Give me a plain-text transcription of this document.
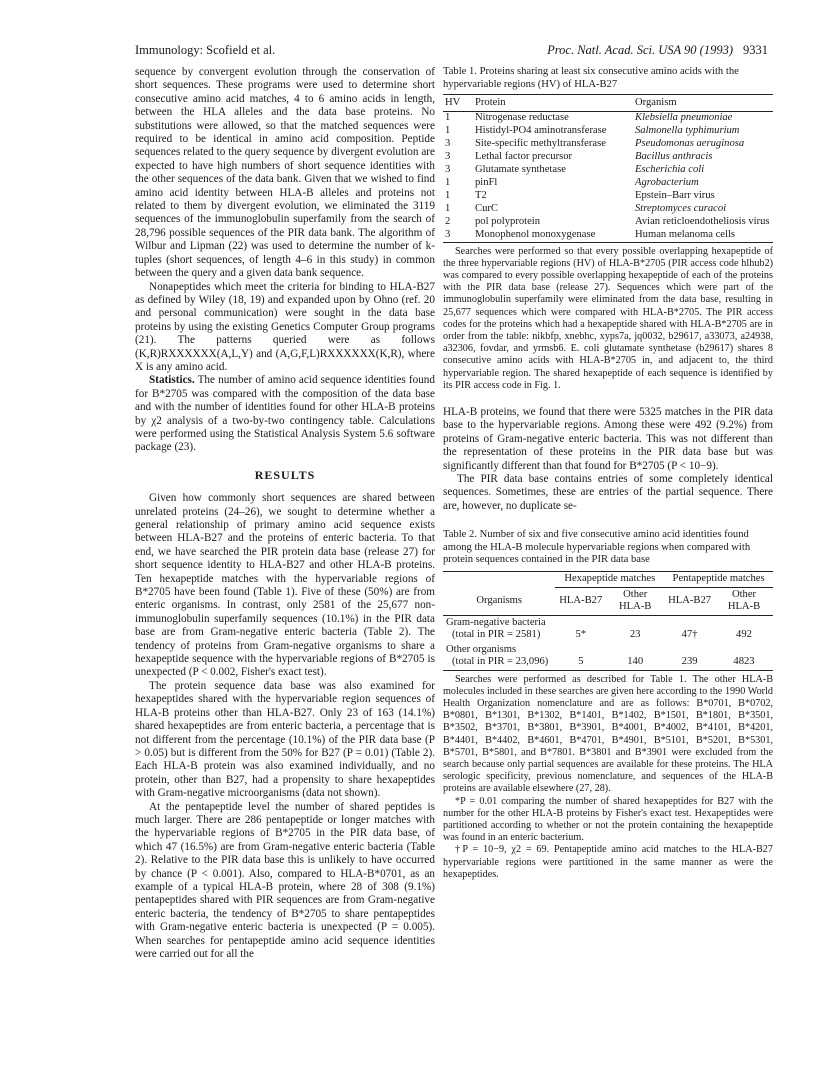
Immunology: Scofield et al.	Proc. Natl. Acad. Sci. USA 90 (1993) 9331

sequence by convergent evolution through the conservation of short sequences. These programs were used to determine short consecutive amino acid matches, 4 to 6 amino acids in length, between the HLA alleles and the data base proteins. No substitutions were allowed, so that the matched sequences were required to be identical in amino acid composition. Peptide sequences related to the query sequence by divergent evolution are expected to have high numbers of short sequence identities with the other sequences of the data bank. Given that we wished to find amino acid identity between HLA-B alleles and proteins not related to them by divergent evolution, we eliminated the 3119 sequences of the immunoglobulin superfamily from the search of 28,796 possible sequences of the PIR data bank. The algorithm of Wilbur and Lipman (22) was used to determine the number of k-tuples (short sequences, of length 4–6 in this study) in common between the query and a given data bank sequence.

Nonapeptides which meet the criteria for binding to HLA-B27 as defined by Wiley (18, 19) and expanded upon by Ohno (ref. 20 and personal communication) were sought in the data base proteins by using the existing Genetics Computer Group programs (21). The patterns queried were as follows (K,R)RXXXXXX(A,L,Y) and (A,G,F,L)RXXXXXX(K,R), where X is any amino acid.

Statistics. The number of amino acid sequence identities found for B*2705 was compared with the composition of the data base and with the number of identities found for other HLA-B proteins by χ2 analysis of a two-by-two contingency table. Calculations were performed using the Statistical Analysis System 5.6 software package (23).

RESULTS

Given how commonly short sequences are shared between unrelated proteins (24–26), we sought to determine whether a general relationship of primary amino acid sequence exists between HLA-B27 and the proteins of enteric bacteria. To that end, we have searched the PIR protein data base (release 27) for short sequence identity to HLA-B27 and other HLA-B proteins. Ten hexapeptide matches with the hypervariable regions of B*2705 have been found (Table 1). Five of these (50%) are from enteric organisms. In contrast, only 2581 of the 25,677 non-immunoglobulin superfamily sequences (10.1%) in the PIR data base are from Gram-negative enteric bacteria (Table 2). The tendency of proteins from Gram-negative organisms to share a hexapeptide sequence with the hypervariable regions of B*2705 is unexpected (P < 0.002, Fisher's exact test).

The protein sequence data base was also examined for hexapeptides shared with the hypervariable region sequences of HLA-B proteins other than HLA-B27. Only 23 of 163 (14.1%) shared hexapeptides are from enteric bacteria, a percentage that is not different from the percentage (10.1%) of the PIR data base (P > 0.05) but is different from the 50% for B27 (P = 0.01) (Table 2). Each HLA-B protein was also examined individually, and no protein, other than B27, had a propensity to share hexapeptides with Gram-negative microorganisms (data not shown).

At the pentapeptide level the number of shared peptides is much larger. There are 286 pentapeptide or longer matches with the hypervariable regions of B*2705 in the PIR data base, of which 47 (16.5%) are from Gram-negative enteric bacteria (Table 2). Relative to the PIR data base this is unlikely to have occurred by chance (P < 0.001). Also, compared to HLA-B*0701, as an example of a typical HLA-B protein, where 28 of 308 (9.1%) pentapeptides shared with PIR sequences are from Gram-negative enteric bacteria, the tendency of B*2705 to share pentapeptides with Gram-negative enteric bacteria is unexpected (P = 0.005). When searches for pentapeptide amino acid sequence identities were carried out for all the

Table 1. Proteins sharing at least six consecutive amino acids with the hypervariable regions (HV) of HLA-B27
HV	Protein	Organism
1	Nitrogenase reductase	Klebsiella pneumoniae
1	Histidyl-PO4 aminotransferase	Salmonella typhimurium
3	Site-specific methyltransferase	Pseudomonas aeruginosa
3	Lethal factor precursor	Bacillus anthracis
3	Glutamate synthetase	Escherichia coli
1	pinFl	Agrobacterium
1	T2	Epstein–Barr virus
1	CurC	Streptomyces curacoi
2	pol polyprotein	Avian reticloendotheliosis virus
3	Monophenol monoxygenase	Human melanoma cells

Searches were performed so that every possible overlapping hexapeptide of the three hypervariable regions (HV) of HLA-B*2705 (PIR access code hlhub2) was compared to every possible overlapping hexapeptide of each of the proteins with the PIR data base (release 27). Sequences which were part of the immunoglobulin superfamily were eliminated from the data base, resulting in 25,677 sequences which were compared with HLA-B*2705. The PIR access codes for the proteins which had a hexapeptide shared with HLA-B*2705 are in order from the table: nikbfp, xnebhc, xyps7a, jq0032, b29617, a33073, a24938, a32306, fovdar, and yrmsb6. E. coli glutamate synthetase (b29617) shares 8 consecutive amino acids with HLA-B*2705 in, and adjacent to, the third hypervariable region. The shared hexapeptide of each sequence is identified by its PIR access code in Fig. 1.

HLA-B proteins, we found that there were 5325 matches in the PIR data base to the hypervariable regions. Among these were 492 (9.2%) from proteins of Gram-negative enteric bacteria. This was not different than the representation of these proteins in the PIR data base but was significantly different than that found for B*2705 (P < 10−9).

The PIR data base contains entries of some completely identical sequences. Sometimes, these are entries of the partial sequence. There are, however, no duplicate se-

Table 2. Number of six and five consecutive amino acid identities found among the HLA-B molecule hypervariable regions when compared with protein sequences contained in the PIR data base
	Hexapeptide matches		Pentapeptide matches	
Organisms	HLA-B27	Other HLA-B	HLA-B27	Other HLA-B

Gram-negative bacteria
(total in PIR = 2581)	5*	23	47†	492

Other organisms
(total in PIR = 23,096)	5	140	239	4823

Searches were performed as described for Table 1. The other HLA-B molecules included in these searches are given here according to the 1990 World Health Organization nomenclature and are as follows: B*0701, B*0702, B*0801, B*1301, B*1302, B*1401, B*1402, B*1501, B*1801, B*3501, B*3502, B*3701, B*3801, B*3901, B*4001, B*4002, B*4101, B*4201, B*4401, B*4402, B*4601, B*4701, B*4901, B*5101, B*5201, B*5301, B*5701, B*5801, and B*7801. B*3801 and B*3901 were excluded from the search because only partial sequences are available for these proteins. The HLA serologic specificity, previous nomenclature, and sequences of the HLA-B proteins are available elsewhere (27, 28).

*P = 0.01 comparing the number of shared hexapeptides for B27 with the number for the other HLA-B proteins by Fisher's exact test. Hexapeptides were partitioned according to whether or not the protein containing the hexapeptide was found in an enteric bacterium.

†P = 10−9, χ2 = 69. Pentapeptide amino acid matches to the HLA-B27 hypervariable regions were partitioned in the same manner as were the hexapeptides.
